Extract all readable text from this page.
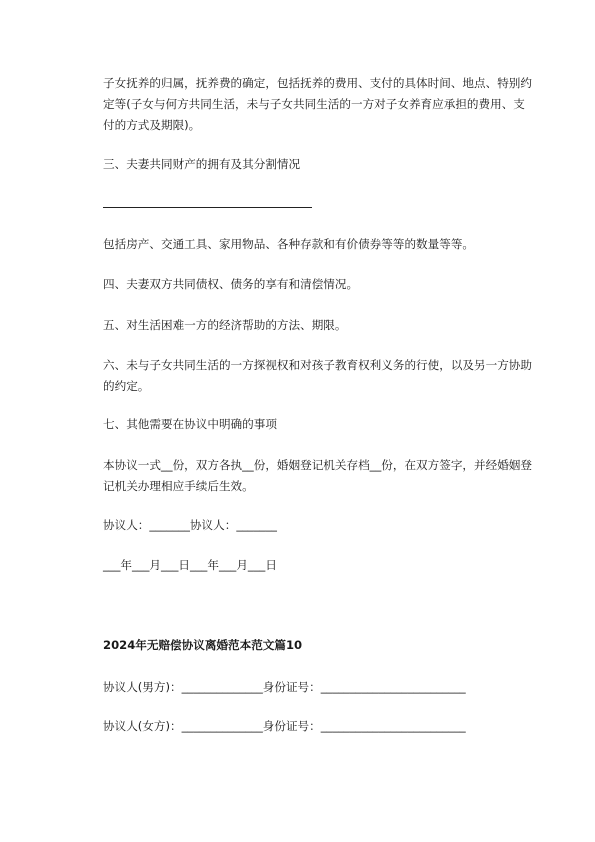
子女抚养的归属，抚养费的确定，包括抚养的费用、支付的具体时间、地点、特别约定等(子女与何方共同生活，未与子女共同生活的一方对子女养育应承担的费用、支付的方式及期限)。

三、夫妻共同财产的拥有及其分割情况

包括房产、交通工具、家用物品、各种存款和有价债券等等的数量等等。

四、夫妻双方共同债权、债务的享有和清偿情况。

五、对生活困难一方的经济帮助的方法、期限。

六、未与子女共同生活的一方探视权和对孩子教育权利义务的行使，以及另一方协助的约定。

七、其他需要在协议中明确的事项

本协议一式__份，双方各执__份，婚姻登记机关存档__份，在双方签字，并经婚姻登记机关办理相应手续后生效。

协议人：_______协议人：_______

___年___月___日___年___月___日

2024年无赔偿协议离婚范本范文篇10

协议人(男方)：______________身份证号：_________________________

协议人(女方)：______________身份证号：_________________________
